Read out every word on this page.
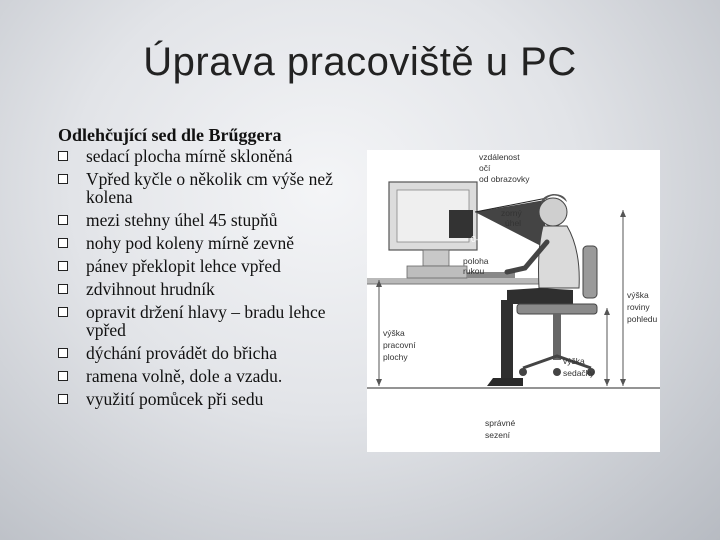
Úprava pracoviště u PC
Odlehčující sed dle Brűggera
sedací plocha mírně skloněná
Vpřed kyčle o několik cm výše než kolena
mezi stehny úhel 45 stupňů
nohy pod koleny mírně zevně
pánev překlopit lehce vpřed
zdvihnout hrudník
opravit držení hlavy – bradu lehce vpřed
dýchání provádět do břicha
ramena volně, dole a vzadu.
využití pomůcek při sedu
vzdálenost
očí
od obrazovky
zorný
úhel
0-60°
poloha
rukou
výška
pracovní
plochy
výška
roviny
pohledu
výška
sedačky
správné
sezení
